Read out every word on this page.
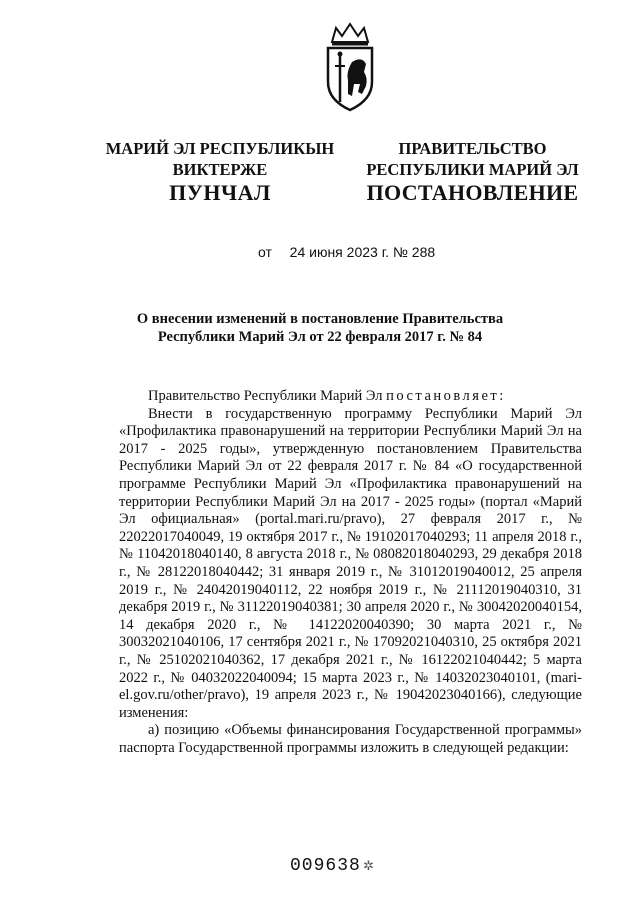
МАРИЙ ЭЛ РЕСПУБЛИКЫН
ВИКТЕРЖЕ
ПРАВИТЕЛЬСТВО
РЕСПУБЛИКИ МАРИЙ ЭЛ
ПУНЧАЛ	ПОСТАНОВЛЕНИЕ
от 24 июня 2023 г. № 288
О внесении изменений в постановление Правительства
Республики Марий Эл от 22 февраля 2017 г. № 84

Правительство Республики Марий Эл постановляет:

Внести в государственную программу Республики Марий Эл «Профилактика правонарушений на территории Республики Марий Эл на 2017 - 2025 годы», утвержденную постановлением Правительства Республики Марий Эл от 22 февраля 2017 г. № 84 «О государственной программе Республики Марий Эл «Профилактика правонарушений на территории Республики Марий Эл на 2017 - 2025 годы» (портал «Марий Эл официальная» (portal.mari.ru/pravo), 27 февраля 2017 г., № 22022017040049, 19 октября 2017 г., № 19102017040293; 11 апреля 2018 г., № 11042018040140, 8 августа 2018 г., № 08082018040293, 29 декабря 2018 г., № 28122018040442; 31 января 2019 г., № 31012019040012, 25 апреля 2019 г., № 24042019040112, 22 ноября 2019 г., № 21112019040310, 31 декабря 2019 г., № 31122019040381; 30 апреля 2020 г., № 30042020040154, 14 декабря 2020 г., № 14122020040390; 30 марта 2021 г., № 30032021040106, 17 сентября 2021 г., № 17092021040310, 25 октября 2021 г., № 25102021040362, 17 декабря 2021 г., № 16122021040442; 5 марта 2022 г., № 04032022040094; 15 марта 2023 г., № 14032023040101, (mari-el.gov.ru/other/pravo), 19 апреля 2023 г., № 19042023040166), следующие изменения:

а) позицию «Объемы финансирования Государственной программы» паспорта Государственной программы изложить в следующей редакции:

009638 ✲
